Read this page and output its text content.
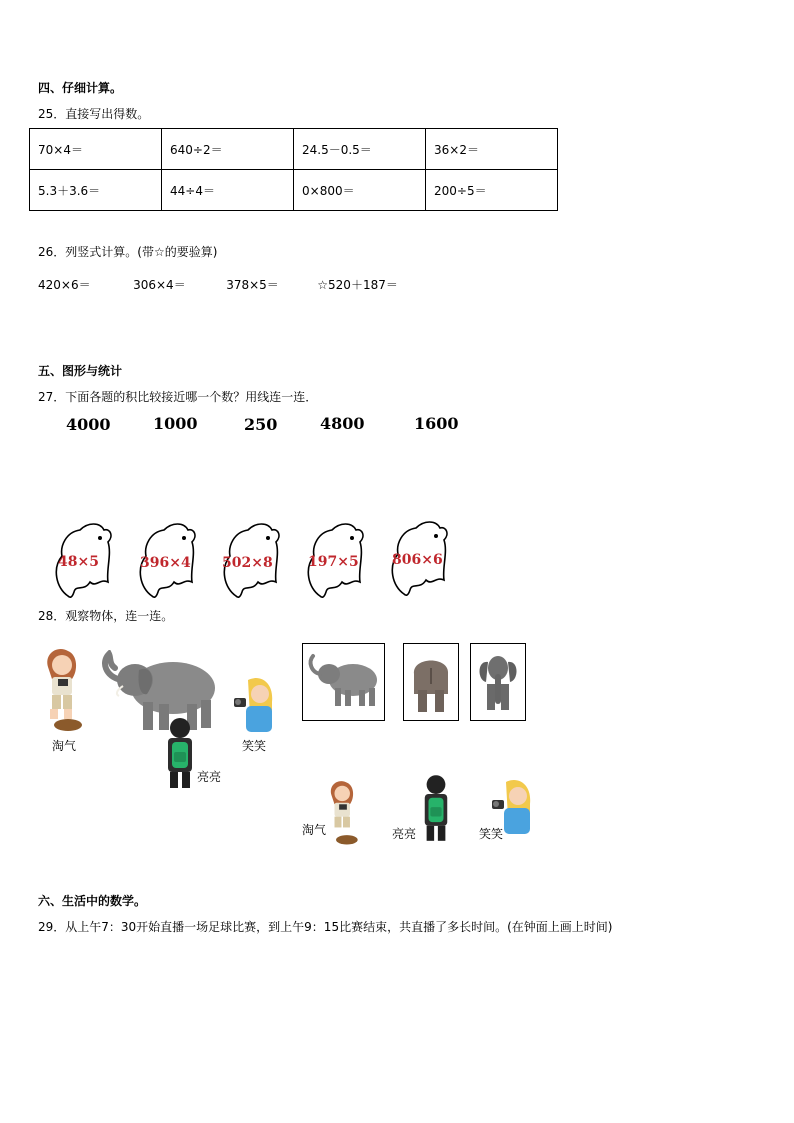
四、仔细计算。
25．直接写出得数。
70×4＝	640÷2＝	24.5－0.5＝	36×2＝
5.3＋3.6＝	44÷4＝	0×800＝	200÷5＝
26．列竖式计算。(带☆的要验算)
420×6＝	306×4＝	378×5＝	☆520＋187＝
五、图形与统计
27．下面各题的积比较接近哪一个数？用线连一连．
4000	1000	250	4800	1600
48×5	396×4 502×8	197×5 806×6
28．观察物体，连一连。
淘气
亮亮
笑笑
淘气	亮亮	笑笑
六、生活中的数学。
29．从上午7：30开始直播一场足球比赛，到上午9：15比赛结束，共直播了多长时间。(在钟面上画上时间)
